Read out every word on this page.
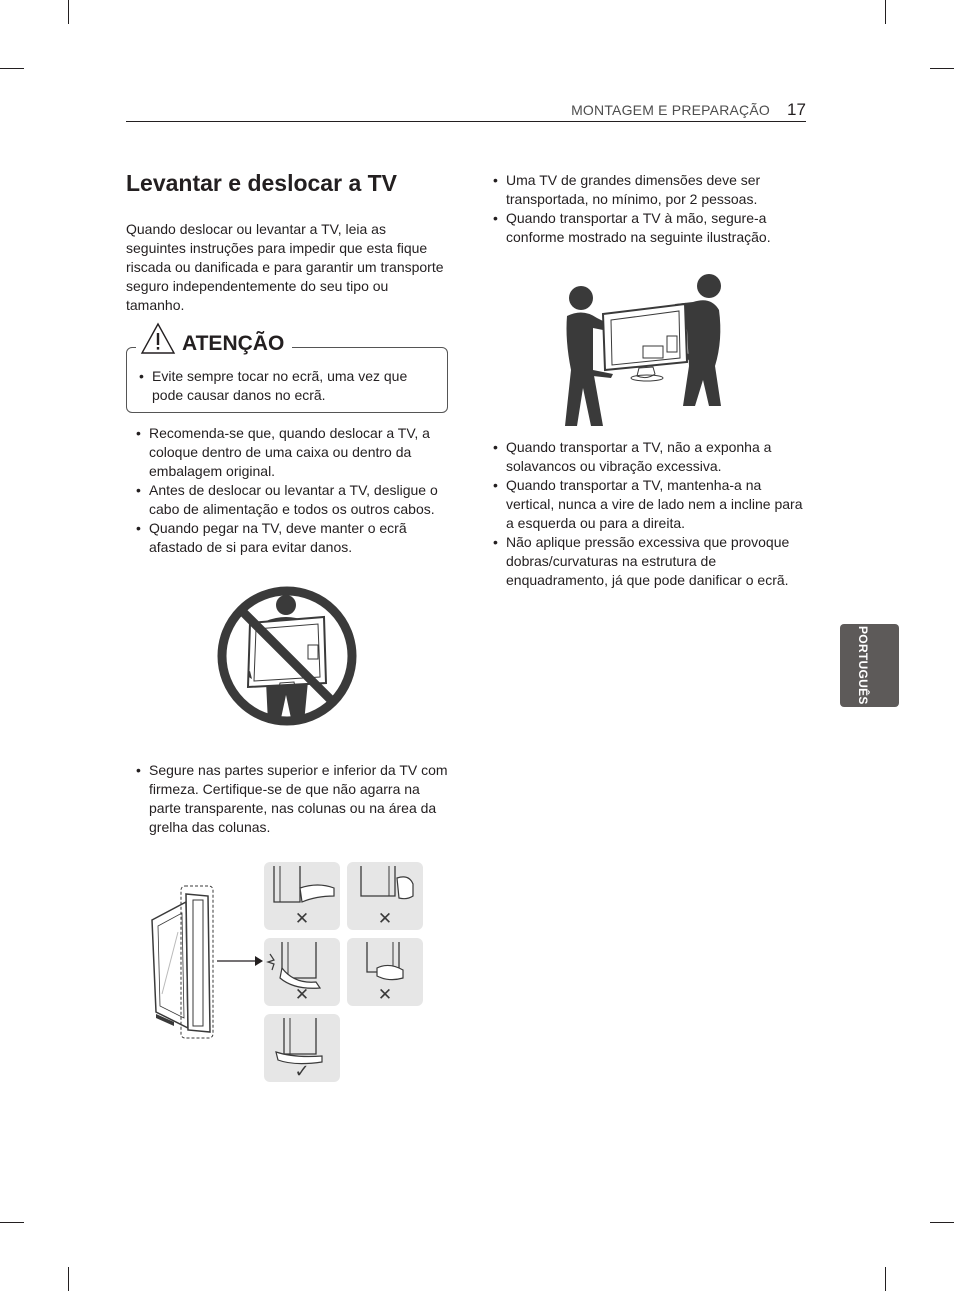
MONTAGEM E PREPARAÇÃO 17
Levantar e deslocar a TV

Quando deslocar ou levantar a TV, leia as seguintes instruções para impedir que esta fique riscada ou danificada e para garantir um transporte seguro independentemente do seu tipo ou tamanho.

ATENÇÃO
• Evite sempre tocar no ecrã, uma vez que pode causar danos no ecrã.
• Recomenda-se que, quando deslocar a TV, a coloque dentro de uma caixa ou dentro da embalagem original.
• Antes de deslocar ou levantar a TV, desligue o cabo de alimentação e todos os outros cabos.
• Quando pegar na TV, deve manter o ecrã afastado de si para evitar danos.
• Segure nas partes superior e inferior da TV com firmeza. Certifique-se de que não agarra na parte transparente, nas colunas ou na área da grelha das colunas.
✕	✕
✕	✕
✓
• Uma TV de grandes dimensões deve ser transportada, no mínimo, por 2 pessoas.
• Quando transportar a TV à mão, segure-a conforme mostrado na seguinte ilustração.
• Quando transportar a TV, não a exponha a solavancos ou vibração excessiva.
• Quando transportar a TV, mantenha-a na vertical, nunca a vire de lado nem a incline para a esquerda ou para a direita.
• Não aplique pressão excessiva que provoque dobras/curvaturas na estrutura de enquadramento, já que pode danificar o ecrã.
PORTUGUÊS
